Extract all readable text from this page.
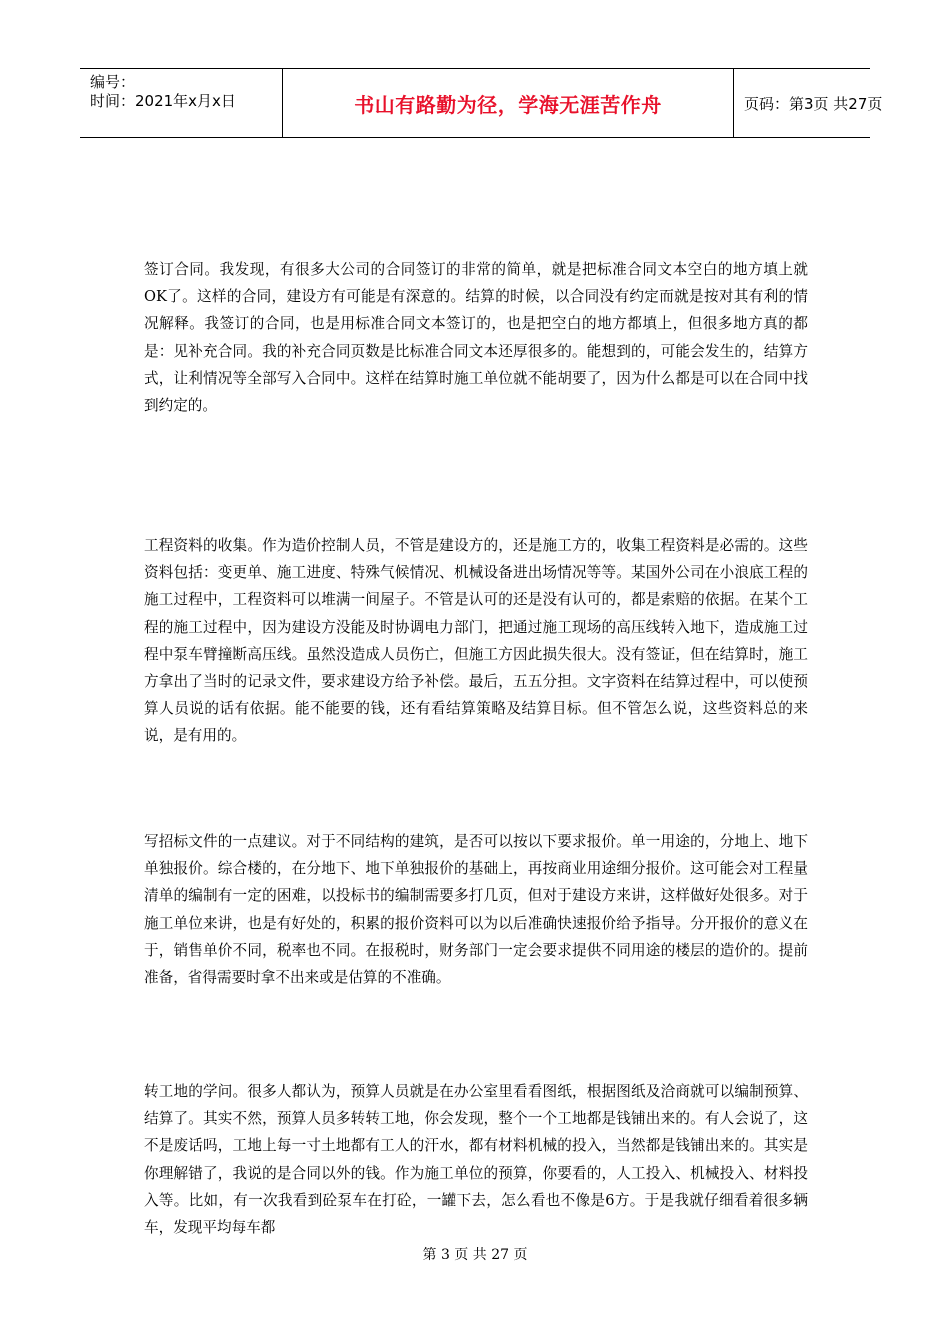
编号：
时间：2021年x月x日	书山有路勤为径，学海无涯苦作舟	页码：第3页 共27页

签订合同。我发现，有很多大公司的合同签订的非常的简单，就是把标准合同文本空白的地方填上就OK了。这样的合同，建设方有可能是有深意的。结算的时候，以合同没有约定而就是按对其有利的情况解释。我签订的合同，也是用标准合同文本签订的，也是把空白的地方都填上，但很多地方真的都是：见补充合同。我的补充合同页数是比标准合同文本还厚很多的。能想到的，可能会发生的，结算方式，让利情况等全部写入合同中。这样在结算时施工单位就不能胡要了，因为什么都是可以在合同中找到约定的。

工程资料的收集。作为造价控制人员，不管是建设方的，还是施工方的，收集工程资料是必需的。这些资料包括：变更单、施工进度、特殊气候情况、机械设备进出场情况等等。某国外公司在小浪底工程的施工过程中，工程资料可以堆满一间屋子。不管是认可的还是没有认可的，都是索赔的依据。在某个工程的施工过程中，因为建设方没能及时协调电力部门，把通过施工现场的高压线转入地下，造成施工过程中泵车臂撞断高压线。虽然没造成人员伤亡，但施工方因此损失很大。没有签证，但在结算时，施工方拿出了当时的记录文件，要求建设方给予补偿。最后，五五分担。文字资料在结算过程中，可以使预算人员说的话有依据。能不能要的钱，还有看结算策略及结算目标。但不管怎么说，这些资料总的来说，是有用的。

写招标文件的一点建议。对于不同结构的建筑，是否可以按以下要求报价。单一用途的，分地上、地下单独报价。综合楼的，在分地下、地下单独报价的基础上，再按商业用途细分报价。这可能会对工程量清单的编制有一定的困难，以投标书的编制需要多打几页，但对于建设方来讲，这样做好处很多。对于施工单位来讲，也是有好处的，积累的报价资料可以为以后准确快速报价给予指导。分开报价的意义在于，销售单价不同，税率也不同。在报税时，财务部门一定会要求提供不同用途的楼层的造价的。提前准备，省得需要时拿不出来或是估算的不准确。

转工地的学问。很多人都认为，预算人员就是在办公室里看看图纸，根据图纸及洽商就可以编制预算、结算了。其实不然，预算人员多转转工地，你会发现，整个一个工地都是钱铺出来的。有人会说了，这不是废话吗，工地上每一寸土地都有工人的汗水，都有材料机械的投入，当然都是钱铺出来的。其实是你理解错了，我说的是合同以外的钱。作为施工单位的预算，你要看的，人工投入、机械投入、材料投入等。比如，有一次我看到砼泵车在打砼，一罐下去，怎么看也不像是6方。于是我就仔细看着很多辆车，发现平均每车都

第 3 页 共 27 页
